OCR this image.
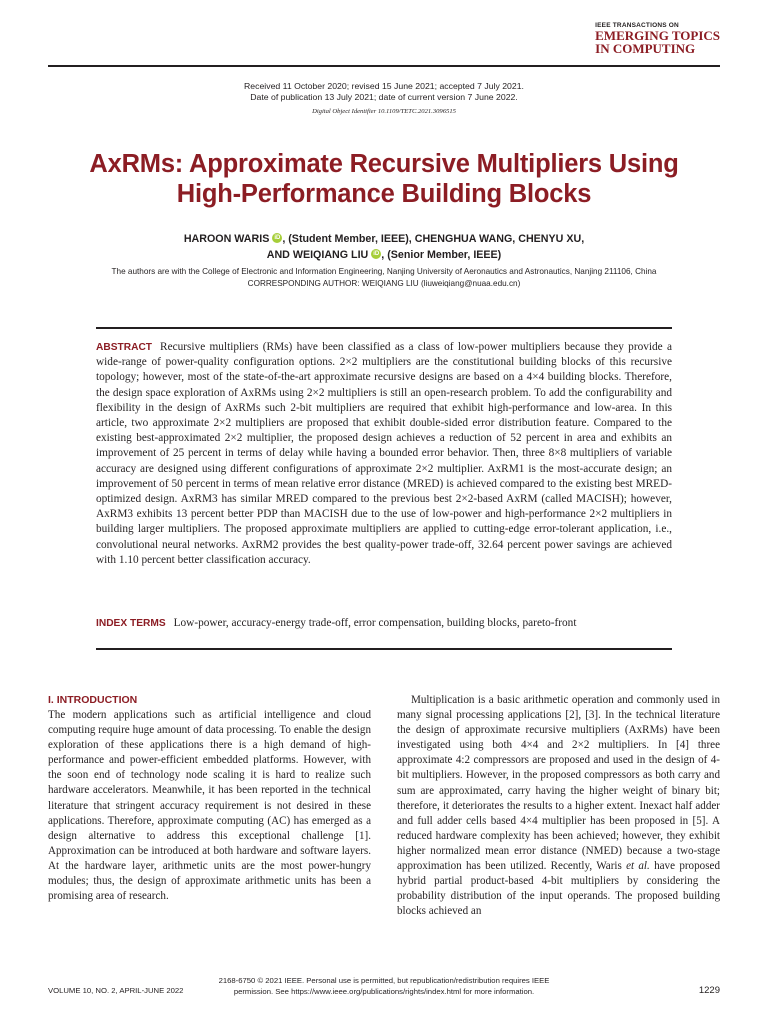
IEEE TRANSACTIONS ON
EMERGING TOPICS
IN COMPUTING
Received 11 October 2020; revised 15 June 2021; accepted 7 July 2021.
Date of publication 13 July 2021; date of current version 7 June 2022.
Digital Object Identifier 10.1109/TETC.2021.3096515
AxRMs: Approximate Recursive Multipliers Using
High-Performance Building Blocks
HAROON WARIS iD , (Student Member, IEEE), CHENGHUA WANG, CHENYU XU,
AND WEIQIANG LIU iD , (Senior Member, IEEE)
The authors are with the College of Electronic and Information Engineering, Nanjing University of Aeronautics and Astronautics, Nanjing 211106, China
CORRESPONDING AUTHOR: WEIQIANG LIU (liuweiqiang@nuaa.edu.cn)
ABSTRACT Recursive multipliers (RMs) have been classified as a class of low-power multipliers because they provide a wide-range of power-quality configuration options. 2×2 multipliers are the constitutional building blocks of this recursive topology; however, most of the state-of-the-art approximate recursive designs are based on a 4×4 building blocks. Therefore, the design space exploration of AxRMs using 2×2 multipliers is still an open-research problem. To add the configurability and flexibility in the design of AxRMs such 2-bit multipliers are required that exhibit high-performance and low-area. In this article, two approximate 2×2 multipliers are proposed that exhibit double-sided error distribution feature. Compared to the existing best-approximated 2×2 multiplier, the proposed design achieves a reduction of 52 percent in area and exhibits an improvement of 25 percent in terms of delay while having a bounded error behavior. Then, three 8×8 multipliers of variable accuracy are designed using different configurations of approximate 2×2 multiplier. AxRM1 is the most-accurate design; an improvement of 50 percent in terms of mean relative error distance (MRED) is achieved compared to the existing best MRED-optimized design. AxRM3 has similar MRED compared to the previous best 2×2-based AxRM (called MACISH); however, AxRM3 exhibits 13 percent better PDP than MACISH due to the use of low-power and high-performance 2×2 multipliers in building larger multipliers. The proposed approximate multipliers are applied to cutting-edge error-tolerant application, i.e., convolutional neural networks. AxRM2 provides the best quality-power trade-off, 32.64 percent power savings are achieved with 1.10 percent better classification accuracy.
INDEX TERMS Low-power, accuracy-energy trade-off, error compensation, building blocks, pareto-front
I. INTRODUCTION
The modern applications such as artificial intelligence and cloud computing require huge amount of data processing. To enable the design exploration of these applications there is a high demand of high-performance and power-efficient embedded platforms. However, with the soon end of technology node scaling it is hard to realize such hardware accelerators. Meanwhile, it has been reported in the technical literature that stringent accuracy requirement is not desired in these applications. Therefore, approximate computing (AC) has emerged as a design alternative to address this exceptional challenge [1]. Approximation can be introduced at both hardware and software layers. At the hardware layer, arithmetic units are the most power-hungry modules; thus, the design of approximate arithmetic units has been a promising area of research.
Multiplication is a basic arithmetic operation and commonly used in many signal processing applications [2], [3]. In the technical literature the design of approximate recursive multipliers (AxRMs) have been investigated using both 4×4 and 2×2 multipliers. In [4] three approximate 4:2 compressors are proposed and used in the design of 4-bit multipliers. However, in the proposed compressors as both carry and sum are approximated, carry having the higher weight of binary bit; therefore, it deteriorates the results to a higher extent. Inexact half adder and full adder cells based 4×4 multiplier has been proposed in [5]. A reduced hardware complexity has been achieved; however, they exhibit higher normalized mean error distance (NMED) because a two-stage approximation has been utilized. Recently, Waris et al. have proposed hybrid partial product-based 4-bit multipliers by considering the probability distribution of the input operands. The proposed building blocks achieved an
VOLUME 10, NO. 2, APRIL-JUNE 2022
2168-6750 © 2021 IEEE. Personal use is permitted, but republication/redistribution requires IEEE
permission. See https://www.ieee.org/publications/rights/index.html for more information.	1229
